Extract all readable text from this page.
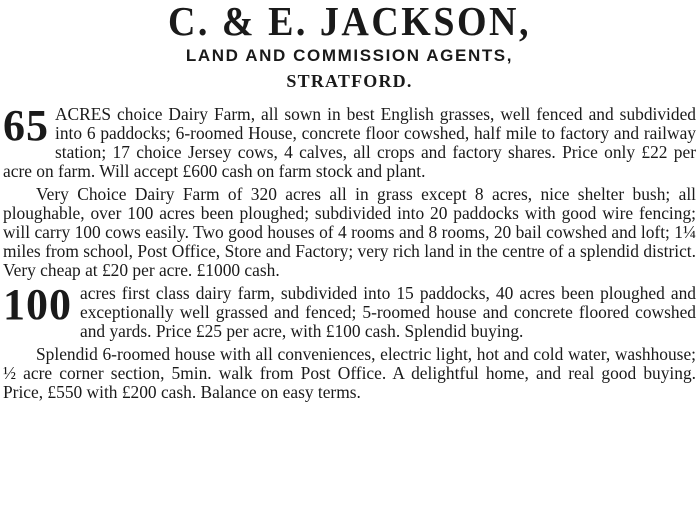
C. & E. JACKSON,
LAND AND COMMISSION AGENTS,
STRATFORD.

65 ACRES choice Dairy Farm, all sown in best English grasses, well fenced and subdivided into 6 paddocks; 6-roomed House, concrete floor cowshed, half mile to factory and railway station; 17 choice Jersey cows, 4 calves, all crops and factory shares. Price only £22 per acre on farm. Will accept £600 cash on farm stock and plant.

Very Choice Dairy Farm of 320 acres all in grass except 8 acres, nice shelter bush; all ploughable, over 100 acres been ploughed; subdivided into 20 paddocks with good wire fencing; will carry 100 cows easily. Two good houses of 4 rooms and 8 rooms, 20 bail cowshed and loft; 1¼ miles from school, Post Office, Store and Factory; very rich land in the centre of a splendid district. Very cheap at £20 per acre. £1000 cash.

100 acres first class dairy farm, subdivided into 15 paddocks, 40 acres been ploughed and exceptionally well grassed and fenced; 5-roomed house and concrete floored cowshed and yards. Price £25 per acre, with £100 cash. Splendid buying.

Splendid 6-roomed house with all conveniences, electric light, hot and cold water, washhouse; ½ acre corner section, 5min. walk from Post Office. A delightful home, and real good buying. Price, £550 with £200 cash. Balance on easy terms.
